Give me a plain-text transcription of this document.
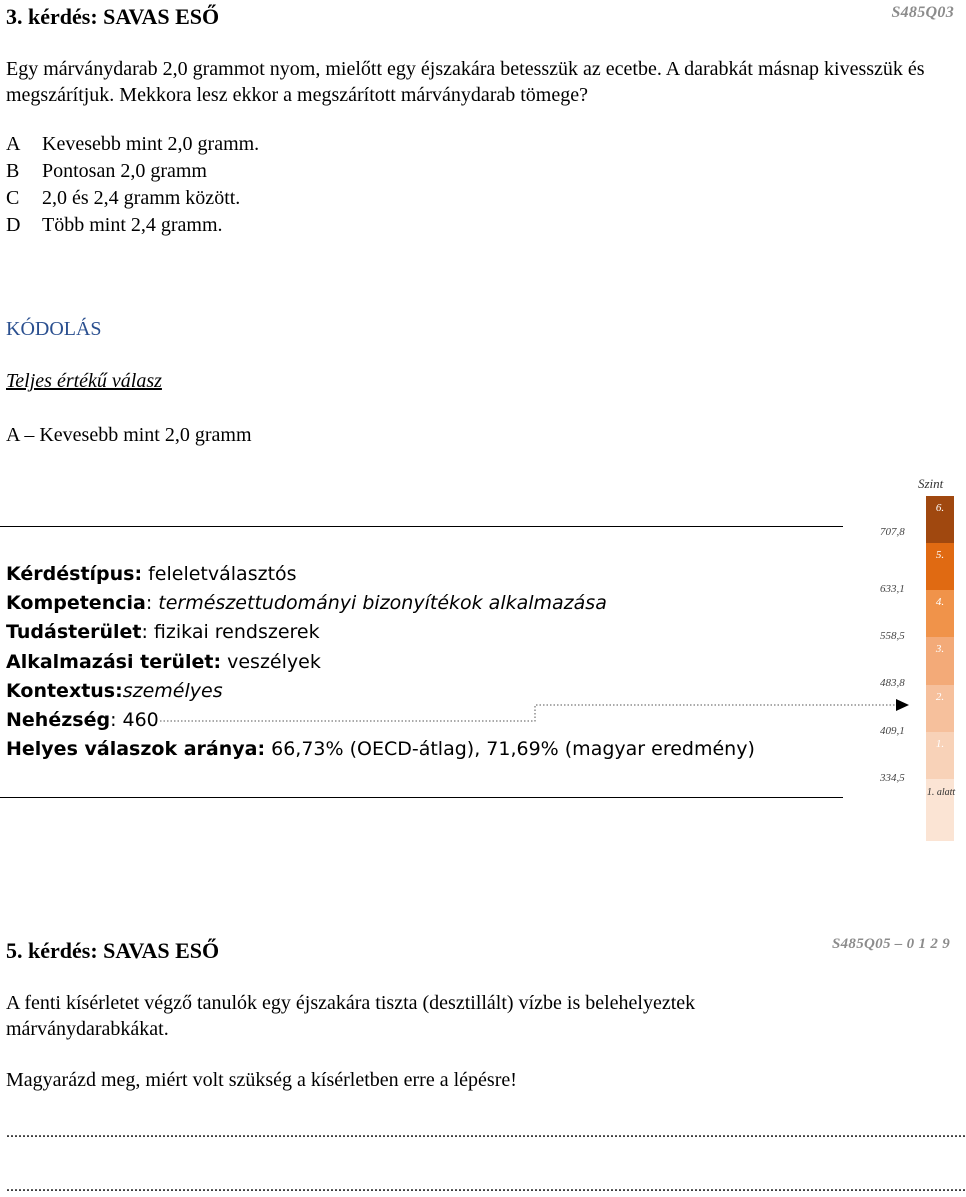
3. kérdés: SAVAS ESŐ	S485Q03
Egy márványdarab 2,0 grammot nyom, mielőtt egy éjszakára betesszük az ecetbe. A darabkát másnap kivesszük és megszárítjuk. Mekkora lesz ekkor a megszárított márványdarab tömege?
A Kevesebb mint 2,0 gramm.
B Pontosan 2,0 gramm
C 2,0 és 2,4 gramm között.
D Több mint 2,4 gramm.
KÓDOLÁS
Teljes értékű válasz
A – Kevesebb mint 2,0 gramm
Kérdéstípus: feleletválasztós
Kompetencia: természettudományi bizonyítékok alkalmazása
Tudásterület: fizikai rendszerek
Alkalmazási terület: veszélyek
Kontextus:személyes
Nehézség: 460
Helyes válaszok aránya: 66,73% (OECD-átlag), 71,69% (magyar eredmény)
Szint
707,8
633,1
558,5
483,8
409,1
334,5
6.
5.
4.
3.
2.
1.
1. alatt
5. kérdés: SAVAS ESŐ	S485Q05 – 0 1 2 9
A fenti kísérletet végző tanulók egy éjszakára tiszta (desztillált) vízbe is belehelyeztek márványdarabkákat.
Magyarázd meg, miért volt szükség a kísérletben erre a lépésre!
................................................................................................................................................................................................................................................
................................................................................................................................................................................................................................................
